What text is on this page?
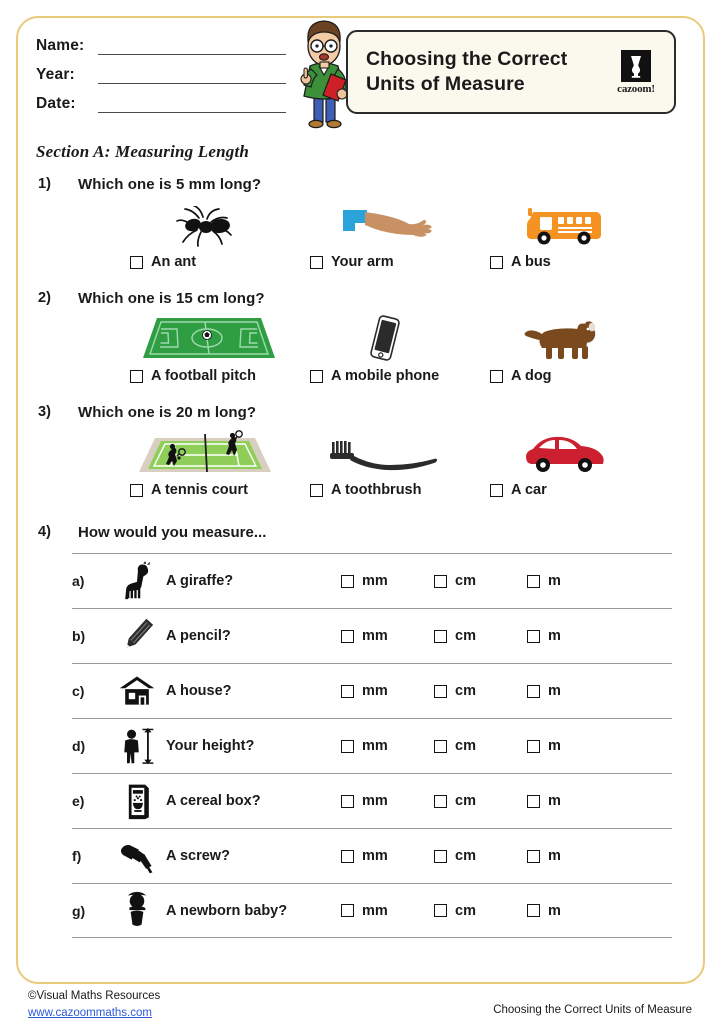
Name:
Year:
Date:
Choosing the Correct
Units of Measure	cazoom!
Section A: Measuring Length
1) Which one is 5 mm long?
An ant	Your arm	A bus
2) Which one is 15 cm long?
A football pitch	A mobile phone	A dog
3) Which one is 20 m long?
A tennis court	A toothbrush	A car
4) How would you measure...
a)	A giraffe?	mm	cm	m
b)	A pencil?	mm	cm	m
c)	A house?	mm	cm	m
d)	Your height?	mm	cm	m
e)	A cereal box?	mm	cm	m
f)	A screw?	mm	cm	m
g)	A newborn baby?	mm	cm	m
©Visual Maths Resources
www.cazoommaths.com	Choosing the Correct Units of Measure
